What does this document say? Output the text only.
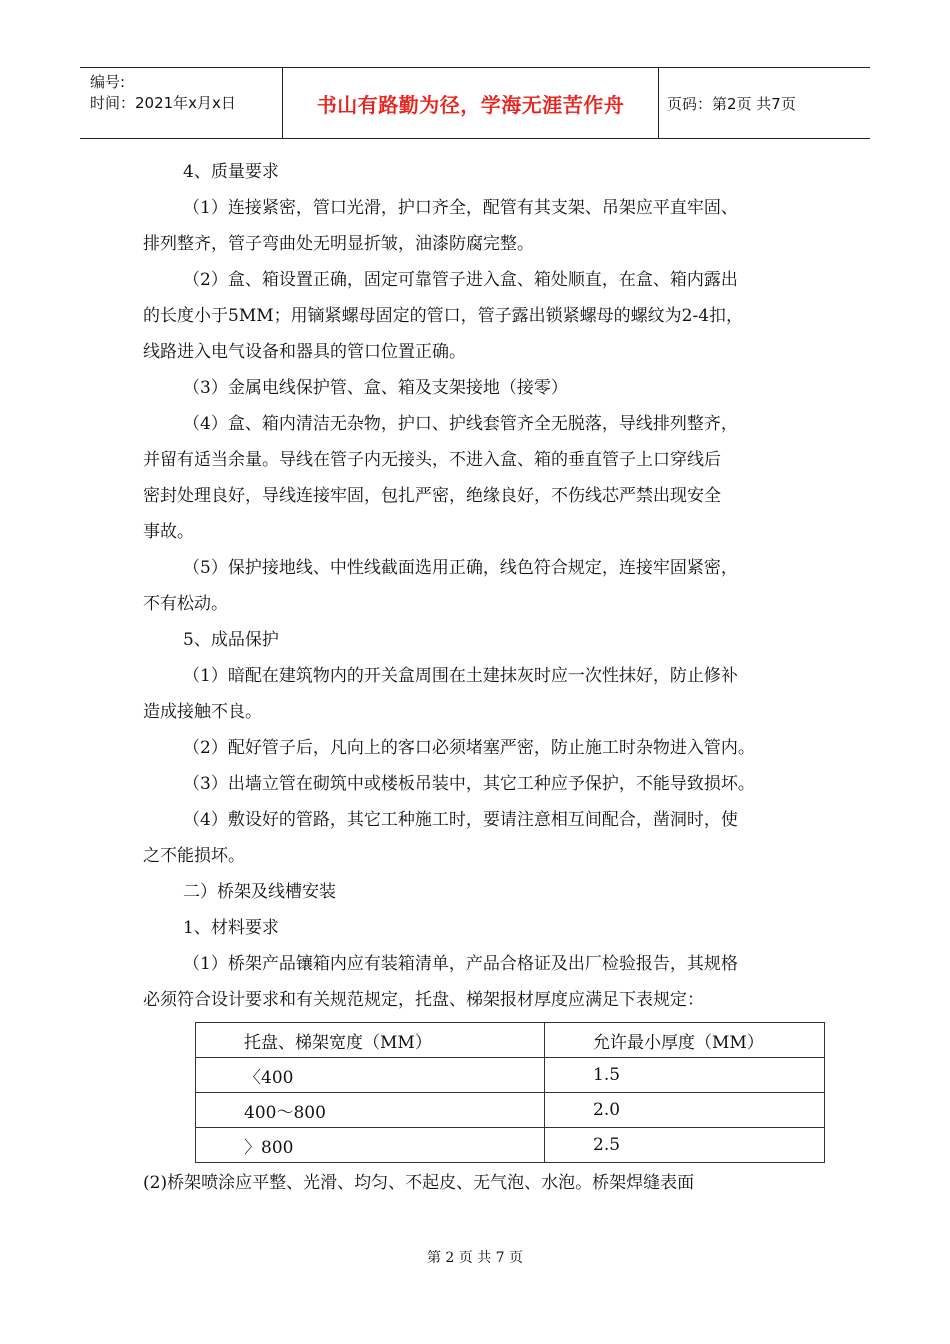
编号:
时间：2021年x月x日	书山有路勤为径，学海无涯苦作舟	页码：第2页 共7页

4、质量要求

（1）连接紧密，管口光滑，护口齐全，配管有其支架、吊架应平直牢固、

排列整齐，管子弯曲处无明显折皱，油漆防腐完整。

（2）盒、箱设置正确，固定可靠管子进入盒、箱处顺直，在盒、箱内露出

的长度小于5MM；用镝紧螺母固定的管口，管子露出锁紧螺母的螺纹为2-4扣，

线路进入电气设备和器具的管口位置正确。

（3）金属电线保护管、盒、箱及支架接地（接零）

（4）盒、箱内清洁无杂物，护口、护线套管齐全无脱落，导线排列整齐，

并留有适当余量。导线在管子内无接头，不进入盒、箱的垂直管子上口穿线后

密封处理良好，导线连接牢固，包扎严密，绝缘良好，不伤线芯严禁出现安全

事故。

（5）保护接地线、中性线截面选用正确，线色符合规定，连接牢固紧密，

不有松动。

5、成品保护

（1）暗配在建筑物内的开关盒周围在土建抹灰时应一次性抹好，防止修补

造成接触不良。

（2）配好管子后，凡向上的客口必须堵塞严密，防止施工时杂物进入管内。

（3）出墙立管在砌筑中或楼板吊装中，其它工种应予保护，不能导致损坏。

（4）敷设好的管路，其它工种施工时，要请注意相互间配合，凿洞时，使

之不能损坏。

二）桥架及线槽安装

1、材料要求

（1）桥架产品镶箱内应有装箱清单，产品合格证及出厂检验报告，其规格

必须符合设计要求和有关规范规定，托盘、梯架报材厚度应满足下表规定：

托盘、梯架宽度（MM）	允许最小厚度（MM）
〈400	1.5
400～800	2.0
〉800	2.5

(2)桥架喷涂应平整、光滑、均匀、不起皮、无气泡、水泡。桥架焊缝表面

第 2 页 共 7 页
